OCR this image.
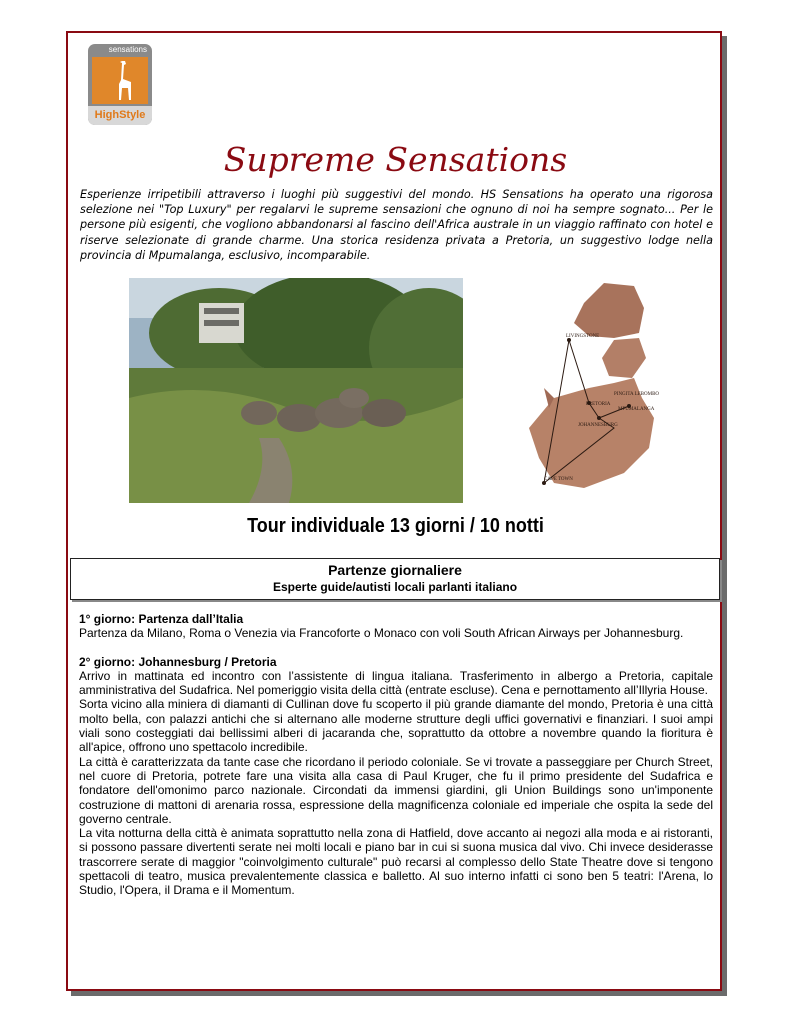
sensations
HighStyle
Supreme Sensations
Esperienze irripetibili attraverso i luoghi più suggestivi del mondo. HS Sensations ha operato una rigorosa selezione nei "Top Luxury" per regalarvi le supreme sensazioni che ognuno di noi ha sempre sognato... Per le persone più esigenti, che vogliono abbandonarsi al fascino dell'Africa australe in un viaggio raffinato con hotel e riserve selezionate di grande charme. Una storica residenza privata a Pretoria, un suggestivo lodge nella provincia di Mpumalanga, esclusivo, incomparabile.
LIVINGSTONE
PINGITA LEBOMBO
PRETORIA
MPUMALANGA
JOHANNESBURG
CAPE TOWN
Tour individuale 13 giorni / 10 notti
Partenze giornaliere
Esperte guide/autisti locali parlanti italiano

1° giorno: Partenza dall’Italia

Partenza da Milano, Roma o Venezia via Francoforte o Monaco con voli South African Airways per Johannesburg.

2° giorno: Johannesburg / Pretoria

Arrivo in mattinata ed incontro con l’assistente di lingua italiana. Trasferimento in albergo a Pretoria, capitale amministrativa del Sudafrica. Nel pomeriggio visita della città (entrate escluse). Cena e pernottamento all’Illyria House.

Sorta vicino alla miniera di diamanti di Cullinan dove fu scoperto il più grande diamante del mondo, Pretoria è una città molto bella, con palazzi antichi che si alternano alle moderne strutture degli uffici governativi e finanziari. I suoi ampi viali sono costeggiati dai bellissimi alberi di jacaranda che, soprattutto da ottobre a novembre quando la fioritura è all'apice, offrono uno spettacolo incredibile.

La città è caratterizzata da tante case che ricordano il periodo coloniale. Se vi trovate a passeggiare per Church Street, nel cuore di Pretoria, potrete fare una visita alla casa di Paul Kruger, che fu il primo presidente del Sudafrica e fondatore dell'omonimo parco nazionale. Circondati da immensi giardini, gli Union Buildings sono un'imponente costruzione di mattoni di arenaria rossa, espressione della magnificenza coloniale ed imperiale che ospita la sede del governo centrale.

La vita notturna della città è animata soprattutto nella zona di Hatfield, dove accanto ai negozi alla moda e ai ristoranti, si possono passare divertenti serate nei molti locali e piano bar in cui si suona musica dal vivo. Chi invece desiderasse trascorrere serate di maggior "coinvolgimento culturale" può recarsi al complesso dello State Theatre dove si tengono spettacoli di teatro, musica prevalentemente classica e balletto. Al suo interno infatti ci sono ben 5 teatri: l'Arena, lo Studio, l'Opera, il Drama e il Momentum.
